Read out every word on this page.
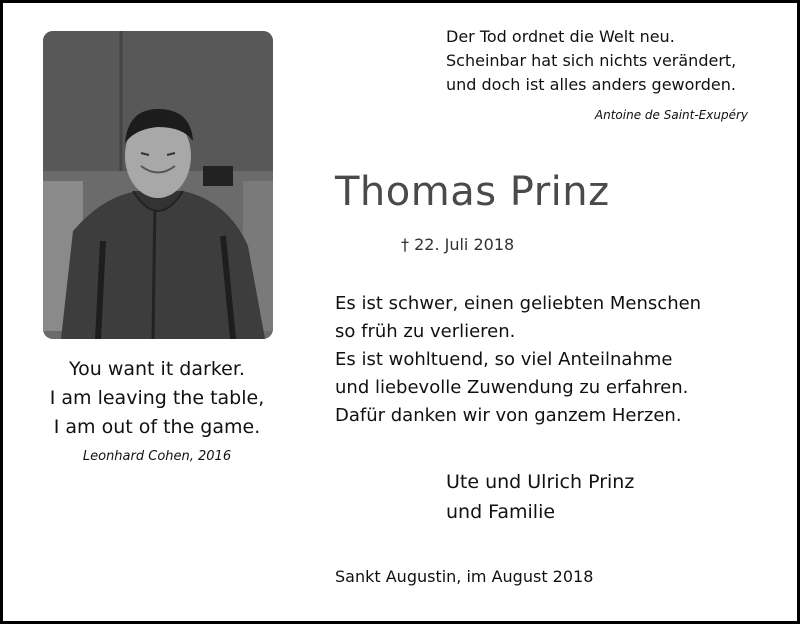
Der Tod ordnet die Welt neu.
Scheinbar hat sich nichts verändert,
und doch ist alles anders geworden.
Antoine de Saint-Exupéry
Thomas Prinz
† 22. Juli 2018
Es ist schwer, einen geliebten Menschen
so früh zu verlieren.
Es ist wohltuend, so viel Anteilnahme
und liebevolle Zuwendung zu erfahren.
Dafür danken wir von ganzem Herzen.
Ute und Ulrich Prinz
und Familie
Sankt Augustin, im August 2018
You want it darker.
I am leaving the table,
I am out of the game.
Leonhard Cohen, 2016
